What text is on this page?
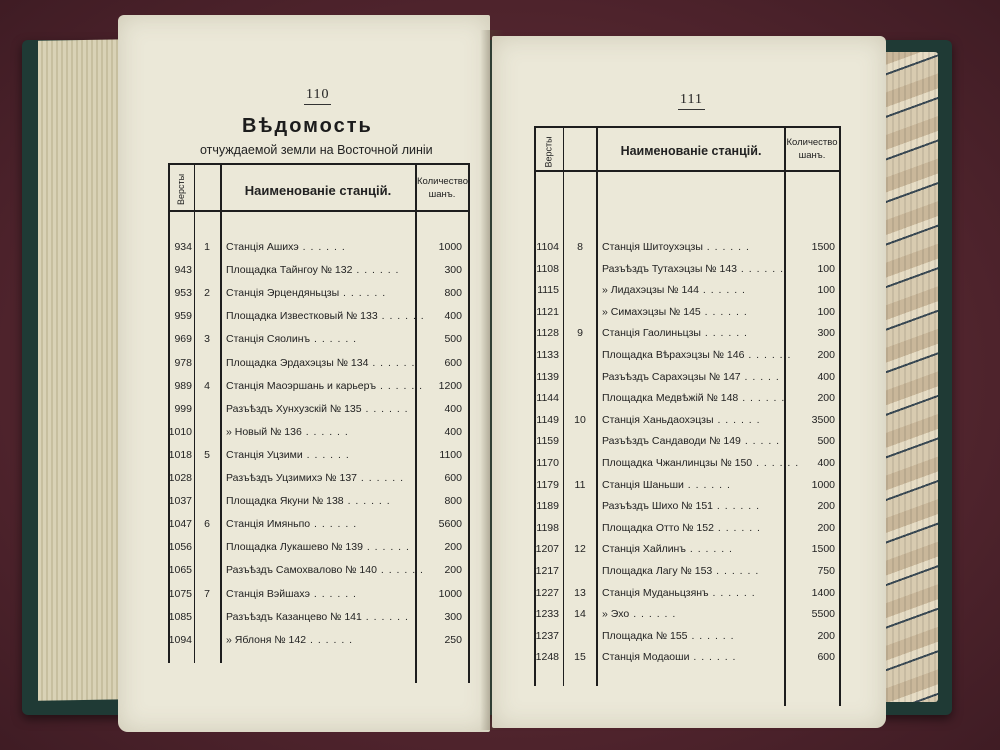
110
Вѣдомость
отчуждаемой земли на Восточной линіи
Версты	Наименованіе станцій.
Количество шанъ.
934	1	Станція Ашихэ . . .	1000
943	Площадка Тайнгоу № 132 . . .	300
953	2	Станція Эрцендяньцзы . . .	800
959	Площадка Известковый № 133 . . .	400
969	3	Станція Сяолинъ . . .	500
978	Площадка Эрдахэцзы № 134 . . .	600
989	4	Станція Маоэршань и карьеръ . . .	1200
999	Разъѣздъ Хунхузскій № 135 . . .	400
1010	» Новый № 136 . . .	400
1018	5	Станція Уцзими . . .	1100
1028	Разъѣздъ Уцзимихэ № 137 . . .	600
1037	Площадка Якуни № 138 . . .	800
1047	6	Станція Имяньпо . . .	5600
1056	Площадка Лукашево № 139 . . .	200
1065	Разъѣздъ Самохвалово № 140 . . .	200
1075	7	Станція Вэйшахэ . . .	1000
1085	Разъѣздъ Казанцево № 141 . . .	300
1094	» Яблоня № 142 . . .	250
111
Версты	Наименованіе станцій.
Количество шанъ.
1104	8	Станція Шитоухэцзы . . .	1500
1108	Разъѣздъ Тутахэцзы № 143 . . .	100
1115	» Лидахэцзы № 144 . . .	100
1121	» Симахэцзы № 145 . . .	100
1128	9	Станція Гаолиньцзы . . .	300
1133	Площадка Вѣрахэцзы № 146 . . .	200
1139	Разъѣздъ Сарахэцзы № 147 . . .	400
1144	Площадка Медвѣжій № 148 . . .	200
1149	10	Станція Ханьдаохэцзы . . .	3500
1159	Разъѣздъ Сандаводи № 149 . . .	500
1170	Площадка Чжанлинцзы № 150 . . .	400
1179	11	Станція Шаньши . . .	1000
1189	Разъѣздъ Шихо № 151 . . .	200
1198	Площадка Отто № 152 . . .	200
1207	12	Станція Хайлинъ . . .	1500
1217	Площадка Лагу № 153 . . .	750
1227	13	Станція Муданьцзянъ . . .	1400
1233	14	» Эхо . . .	5500
1237	Площадка № 155 . . .	200
1248	15	Станція Модаоши . . .	600
